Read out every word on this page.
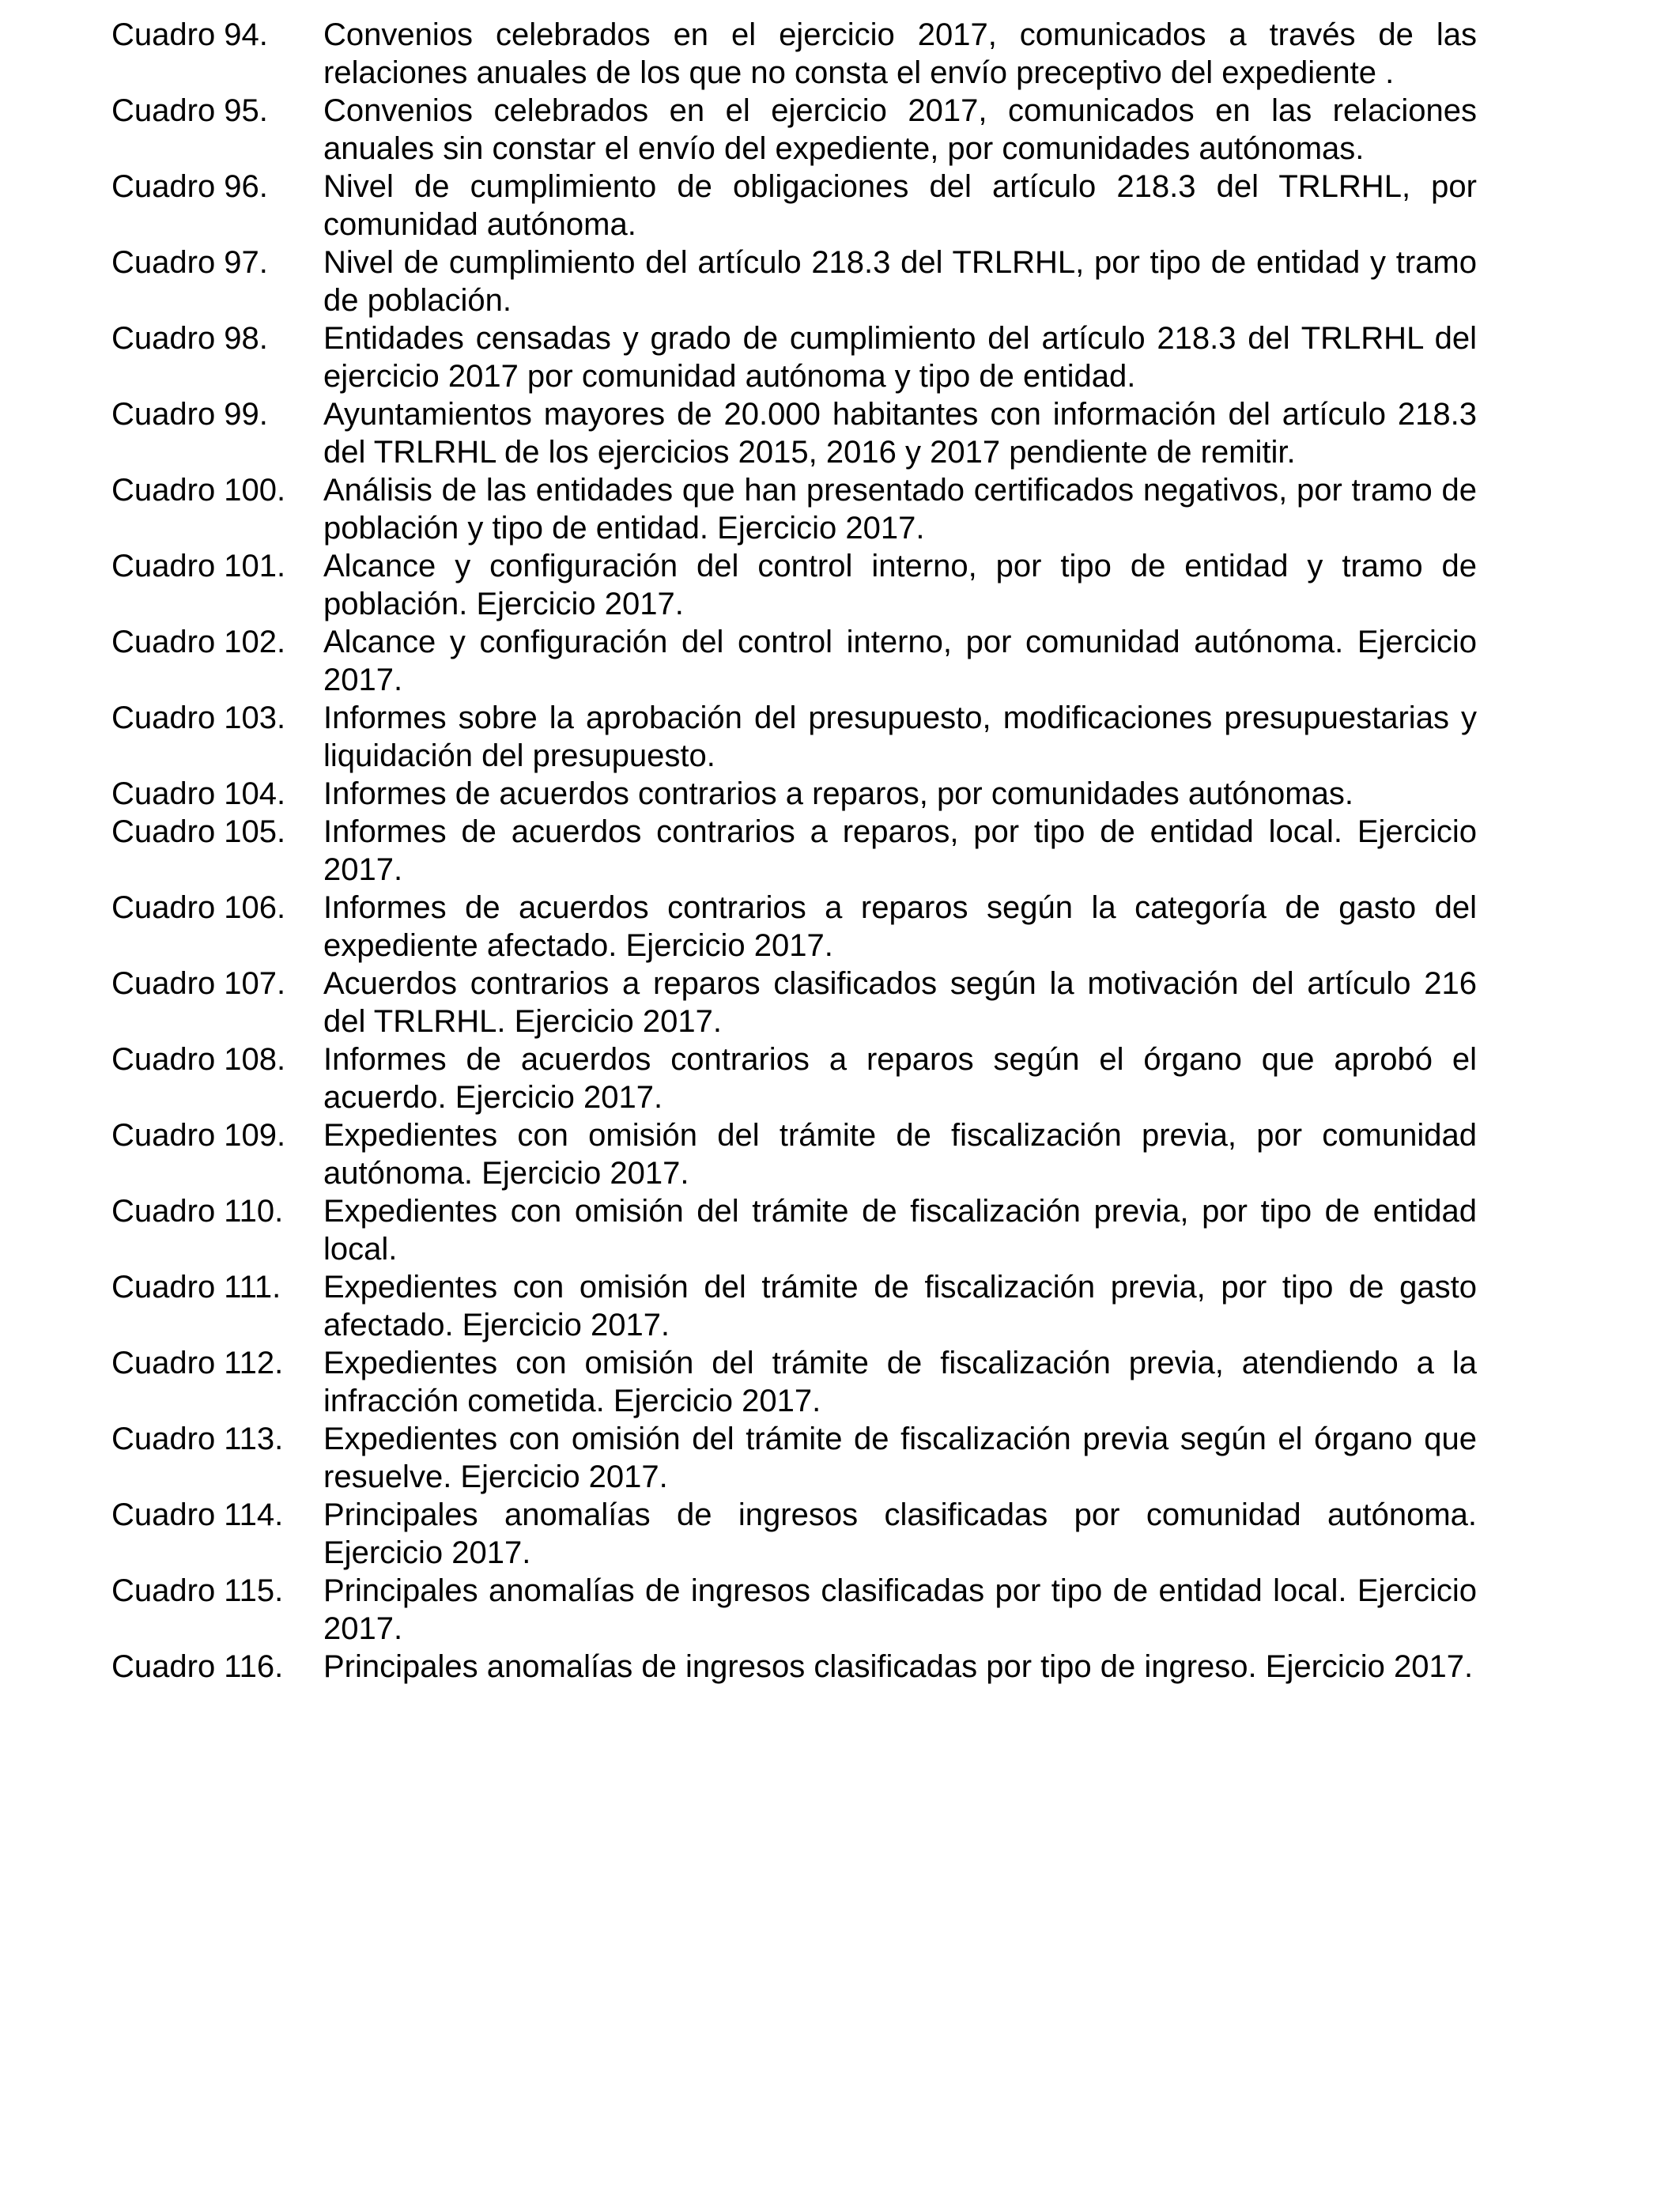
Cuadro 94.	Convenios celebrados en el ejercicio 2017, comunicados a través de las relaciones anuales de los que no consta el envío preceptivo del expediente .
Cuadro 95.	Convenios celebrados en el ejercicio 2017, comunicados en las relaciones anuales sin constar el envío del expediente, por comunidades autónomas.
Cuadro 96.	Nivel de cumplimiento de obligaciones del artículo 218.3 del TRLRHL, por comunidad autónoma.
Cuadro 97.	Nivel de cumplimiento del artículo 218.3 del TRLRHL, por tipo de entidad y tramo de población.
Cuadro 98.	Entidades censadas y grado de cumplimiento del artículo 218.3 del TRLRHL del ejercicio 2017 por comunidad autónoma y tipo de entidad.
Cuadro 99.	Ayuntamientos mayores de 20.000 habitantes con información del artículo 218.3 del TRLRHL de los ejercicios 2015, 2016 y 2017 pendiente de remitir.
Cuadro 100.	Análisis de las entidades que han presentado certificados negativos, por tramo de población y tipo de entidad. Ejercicio 2017.
Cuadro 101.	Alcance y configuración del control interno, por tipo de entidad y tramo de población. Ejercicio 2017.
Cuadro 102.	Alcance y configuración del control interno, por comunidad autónoma. Ejercicio 2017.
Cuadro 103.	Informes sobre la aprobación del presupuesto, modificaciones presupuestarias y liquidación del presupuesto.
Cuadro 104.	Informes de acuerdos contrarios a reparos, por comunidades autónomas.
Cuadro 105.	Informes de acuerdos contrarios a reparos, por tipo de entidad local. Ejercicio 2017.
Cuadro 106.	Informes de acuerdos contrarios a reparos según la categoría de gasto del expediente afectado. Ejercicio 2017.
Cuadro 107.	Acuerdos contrarios a reparos clasificados según la motivación del artículo 216 del TRLRHL. Ejercicio 2017.
Cuadro 108.	Informes de acuerdos contrarios a reparos según el órgano que aprobó el acuerdo. Ejercicio 2017.
Cuadro 109.	Expedientes con omisión del trámite de fiscalización previa, por comunidad autónoma. Ejercicio 2017.
Cuadro 110.	Expedientes con omisión del trámite de fiscalización previa, por tipo de entidad local.
Cuadro 111.	Expedientes con omisión del trámite de fiscalización previa, por tipo de gasto afectado. Ejercicio 2017.
Cuadro 112.	Expedientes con omisión del trámite de fiscalización previa, atendiendo a la infracción cometida. Ejercicio 2017.
Cuadro 113.	Expedientes con omisión del trámite de fiscalización previa según el órgano que resuelve. Ejercicio 2017.
Cuadro 114.	Principales anomalías de ingresos clasificadas por comunidad autónoma. Ejercicio 2017.
Cuadro 115.	Principales anomalías de ingresos clasificadas por tipo de entidad local. Ejercicio 2017.
Cuadro 116.	Principales anomalías de ingresos clasificadas por tipo de ingreso. Ejercicio 2017.
